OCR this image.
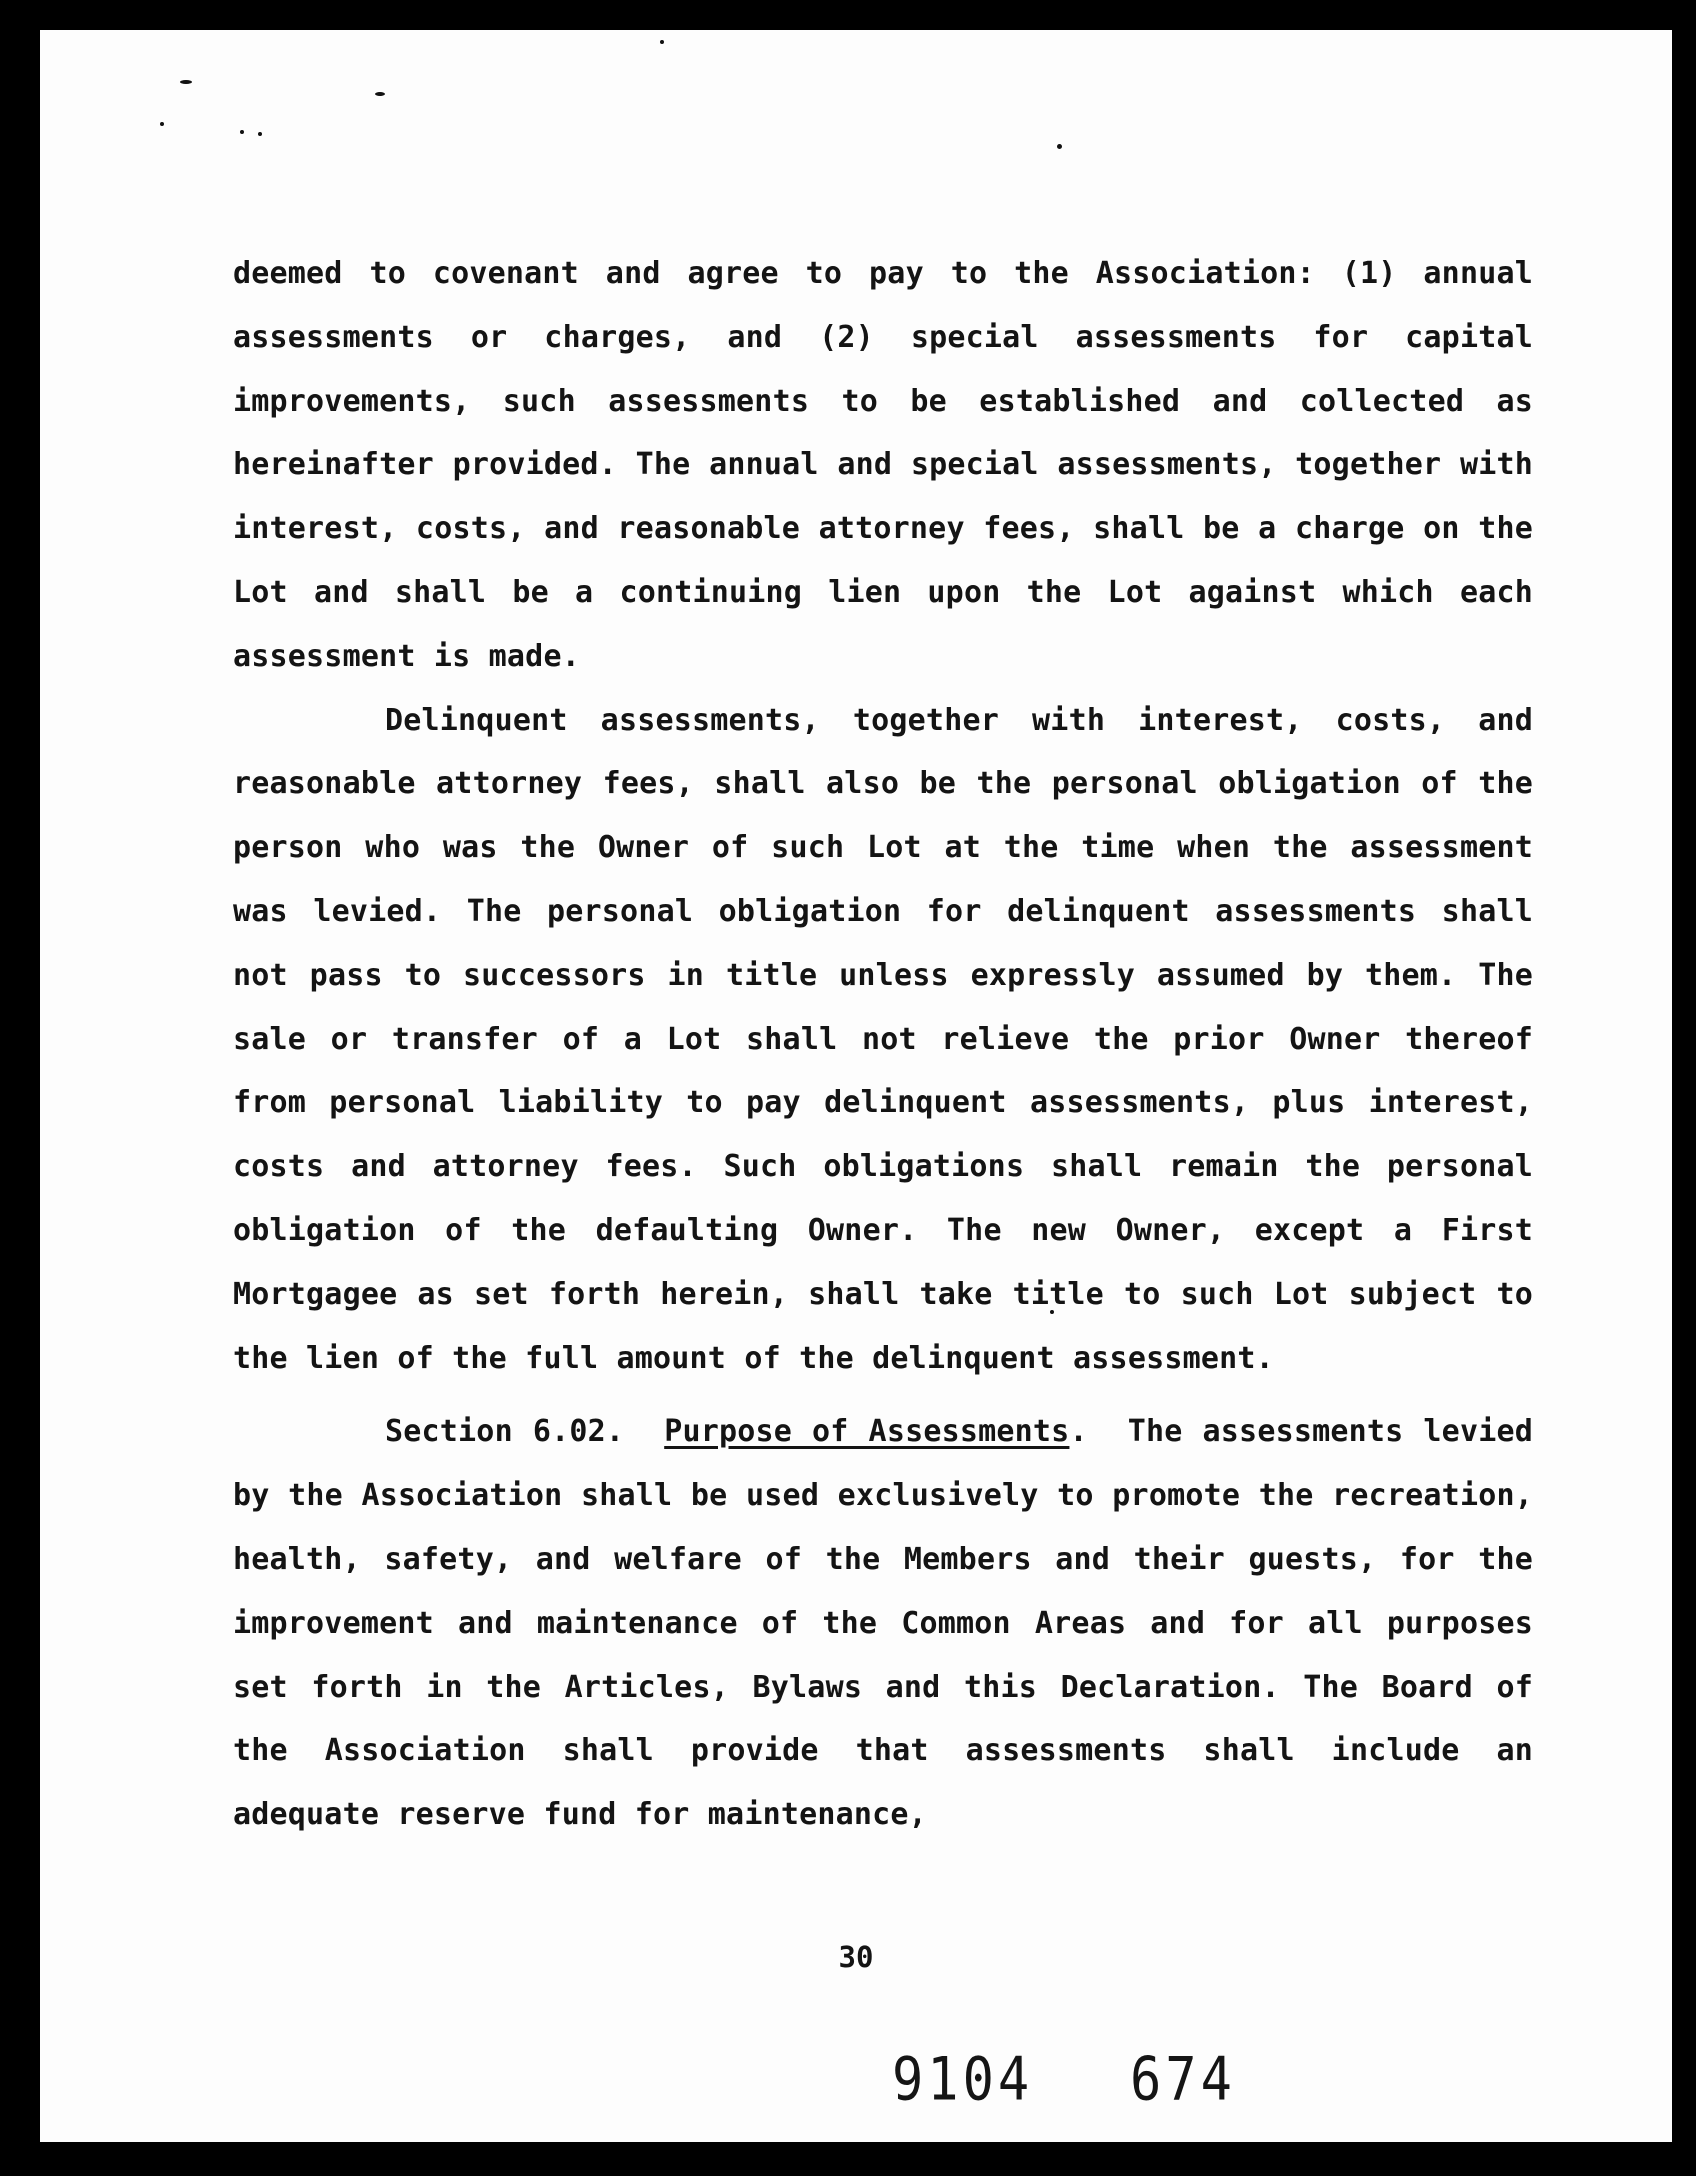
deemed to covenant and agree to pay to the Association: (1) annual assessments or charges, and (2) special assessments for capital improvements, such assessments to be established and collected as hereinafter provided. The annual and special assessments, together with interest, costs, and reasonable attorney fees, shall be a charge on the Lot and shall be a continuing lien upon the Lot against which each assessment is made.

Delinquent assessments, together with interest, costs, and reasonable attorney fees, shall also be the personal obligation of the person who was the Owner of such Lot at the time when the assessment was levied. The personal obligation for delinquent assessments shall not pass to successors in title unless expressly assumed by them. The sale or transfer of a Lot shall not relieve the prior Owner thereof from personal liability to pay delinquent assessments, plus interest, costs and attorney fees. Such obligations shall remain the personal obligation of the defaulting Owner. The new Owner, except a First Mortgagee as set forth herein, shall take title to such Lot subject to the lien of the full amount of the delinquent assessment.

Section 6.02. Purpose of Assessments. The assessments levied by the Association shall be used exclusively to promote the recreation, health, safety, and welfare of the Members and their guests, for the improvement and maintenance of the Common Areas and for all purposes set forth in the Articles, Bylaws and this Declaration. The Board of the Association shall provide that assessments shall include an adequate reserve fund for maintenance,

30
9104 674
